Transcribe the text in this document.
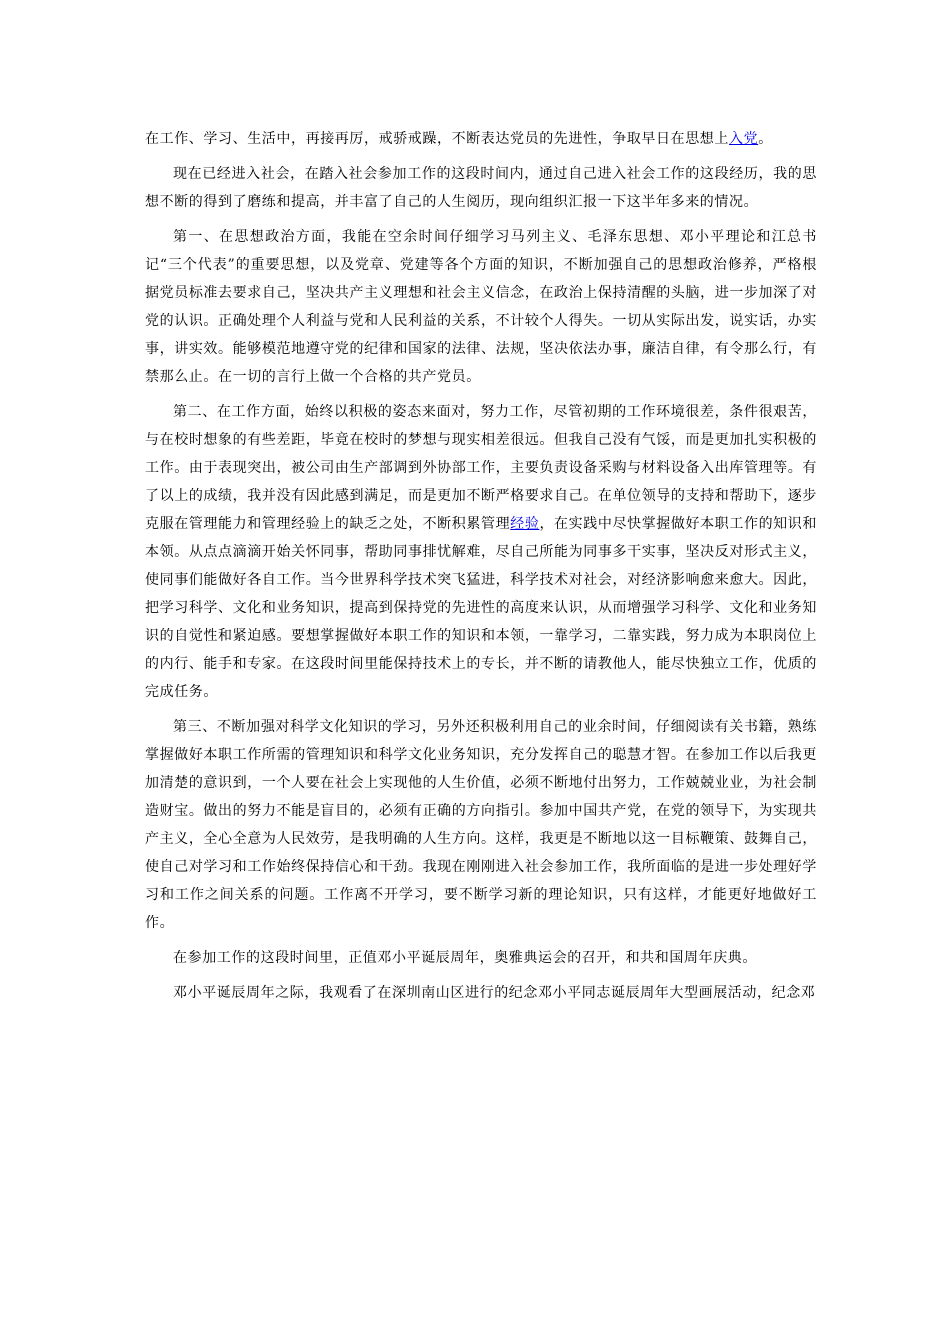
在工作、学习、生活中，再接再厉，戒骄戒躁，不断表达党员的先进性，争取早日在思想上入党。

现在已经进入社会，在踏入社会参加工作的这段时间内，通过自己进入社会工作的这段经历，我的思想不断的得到了磨练和提高，并丰富了自己的人生阅历，现向组织汇报一下这半年多来的情况。

第一、在思想政治方面，我能在空余时间仔细学习马列主义、毛泽东思想、邓小平理论和江总书记“三个代表”的重要思想，以及党章、党建等各个方面的知识，不断加强自己的思想政治修养，严格根据党员标准去要求自己，坚决共产主义理想和社会主义信念，在政治上保持清醒的头脑，进一步加深了对党的认识。正确处理个人利益与党和人民利益的关系，不计较个人得失。一切从实际出发，说实话，办实事，讲实效。能够模范地遵守党的纪律和国家的法律、法规，坚决依法办事，廉洁自律，有令那么行，有禁那么止。在一切的言行上做一个合格的共产党员。

第二、在工作方面，始终以积极的姿态来面对，努力工作，尽管初期的工作环境很差，条件很艰苦，与在校时想象的有些差距，毕竟在校时的梦想与现实相差很远。但我自己没有气馁，而是更加扎实积极的工作。由于表现突出，被公司由生产部调到外协部工作，主要负责设备采购与材料设备入出库管理等。有了以上的成绩，我并没有因此感到满足，而是更加不断严格要求自己。在单位领导的支持和帮助下，逐步克服在管理能力和管理经验上的缺乏之处，不断积累管理经验，在实践中尽快掌握做好本职工作的知识和本领。从点点滴滴开始关怀同事，帮助同事排忧解难，尽自己所能为同事多干实事，坚决反对形式主义，使同事们能做好各自工作。当今世界科学技术突飞猛进，科学技术对社会，对经济影响愈来愈大。因此，把学习科学、文化和业务知识，提高到保持党的先进性的高度来认识，从而增强学习科学、文化和业务知识的自觉性和紧迫感。要想掌握做好本职工作的知识和本领，一靠学习，二靠实践，努力成为本职岗位上的内行、能手和专家。在这段时间里能保持技术上的专长，并不断的请教他人，能尽快独立工作，优质的完成任务。

第三、不断加强对科学文化知识的学习，另外还积极利用自己的业余时间，仔细阅读有关书籍，熟练掌握做好本职工作所需的管理知识和科学文化业务知识，充分发挥自己的聪慧才智。在参加工作以后我更加清楚的意识到，一个人要在社会上实现他的人生价值，必须不断地付出努力，工作兢兢业业，为社会制造财宝。做出的努力不能是盲目的，必须有正确的方向指引。参加中国共产党，在党的领导下，为实现共产主义，全心全意为人民效劳，是我明确的人生方向。这样，我更是不断地以这一目标鞭策、鼓舞自己，使自己对学习和工作始终保持信心和干劲。我现在刚刚进入社会参加工作，我所面临的是进一步处理好学习和工作之间关系的问题。工作离不开学习，要不断学习新的理论知识，只有这样，才能更好地做好工作。

在参加工作的这段时间里，正值邓小平诞辰周年，奥雅典运会的召开，和共和国周年庆典。

邓小平诞辰周年之际，我观看了在深圳南山区进行的纪念邓小平同志诞辰周年大型画展活动，纪念邓
